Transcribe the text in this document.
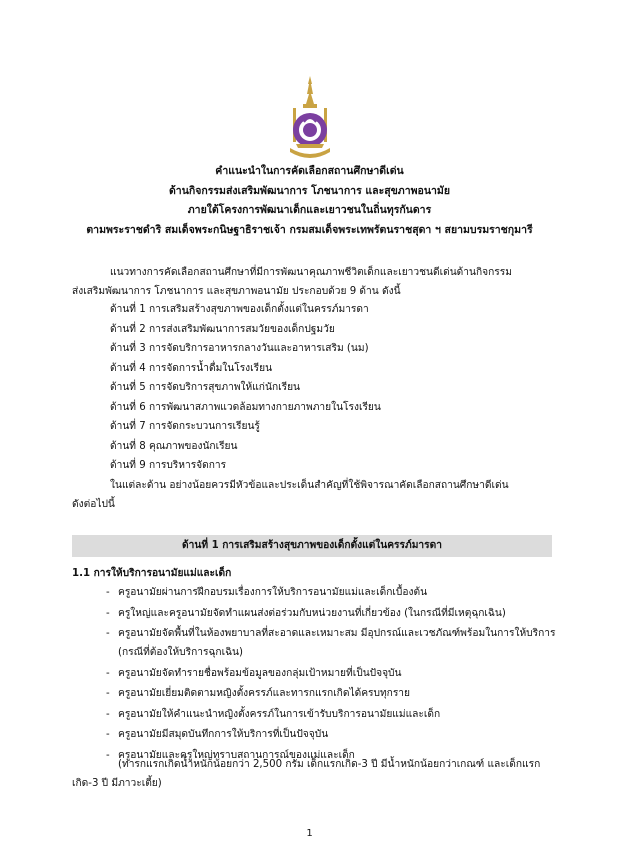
คำแนะนำในการคัดเลือกสถานศึกษาดีเด่น
ด้านกิจกรรมส่งเสริมพัฒนาการ โภชนาการ และสุขภาพอนามัย
ภายใต้โครงการพัฒนาเด็กและเยาวชนในถิ่นทุรกันดาร
ตามพระราชดำริ สมเด็จพระกนิษฐาธิราชเจ้า กรมสมเด็จพระเทพรัตนราชสุดา ฯ สยามบรมราชกุมารี
แนวทางการคัดเลือกสถานศึกษาที่มีการพัฒนาคุณภาพชีวิตเด็กและเยาวชนดีเด่นด้านกิจกรรม
ส่งเสริมพัฒนาการ โภชนาการ และสุขภาพอนามัย ประกอบด้วย 9 ด้าน ดังนี้
ด้านที่ 1 การเสริมสร้างสุขภาพของเด็กตั้งแต่ในครรภ์มารดา
ด้านที่ 2 การส่งเสริมพัฒนาการสมวัยของเด็กปฐมวัย
ด้านที่ 3 การจัดบริการอาหารกลางวันและอาหารเสริม (นม)
ด้านที่ 4 การจัดการน้ำดื่มในโรงเรียน
ด้านที่ 5 การจัดบริการสุขภาพให้แก่นักเรียน
ด้านที่ 6 การพัฒนาสภาพแวดล้อมทางกายภาพภายในโรงเรียน
ด้านที่ 7 การจัดกระบวนการเรียนรู้
ด้านที่ 8 คุณภาพของนักเรียน
ด้านที่ 9 การบริหารจัดการ
ในแต่ละด้าน อย่างน้อยควรมีหัวข้อและประเด็นสำคัญที่ใช้พิจารณาคัดเลือกสถานศึกษาดีเด่น
ดังต่อไปนี้
ด้านที่ 1 การเสริมสร้างสุขภาพของเด็กตั้งแต่ในครรภ์มารดา
1.1 การให้บริการอนามัยแม่และเด็ก
- ครูอนามัยผ่านการฝึกอบรมเรื่องการให้บริการอนามัยแม่และเด็กเบื้องต้น
- ครูใหญ่และครูอนามัยจัดทำแผนส่งต่อร่วมกับหน่วยงานที่เกี่ยวข้อง (ในกรณีที่มีเหตุฉุกเฉิน)
- ครูอนามัยจัดพื้นที่ในห้องพยาบาลที่สะอาดและเหมาะสม มีอุปกรณ์และเวชภัณฑ์พร้อมในการให้บริการ (กรณีที่ต้องให้บริการฉุกเฉิน)
- ครูอนามัยจัดทำรายชื่อพร้อมข้อมูลของกลุ่มเป้าหมายที่เป็นปัจจุบัน
- ครูอนามัยเยี่ยมติดตามหญิงตั้งครรภ์และทารกแรกเกิดได้ครบทุกราย
- ครูอนามัยให้คำแนะนำหญิงตั้งครรภ์ในการเข้ารับบริการอนามัยแม่และเด็ก
- ครูอนามัยมีสมุดบันทึกการให้บริการที่เป็นปัจจุบัน
- ครูอนามัยและครูใหญ่ทราบสถานการณ์ของแม่และเด็ก
(ทารกแรกเกิดน้ำหนักน้อยกว่า 2,500 กรัม เด็กแรกเกิด-3 ปี มีน้ำหนักน้อยกว่าเกณฑ์ และเด็กแรก
เกิด-3 ปี มีภาวะเตี้ย)
1
